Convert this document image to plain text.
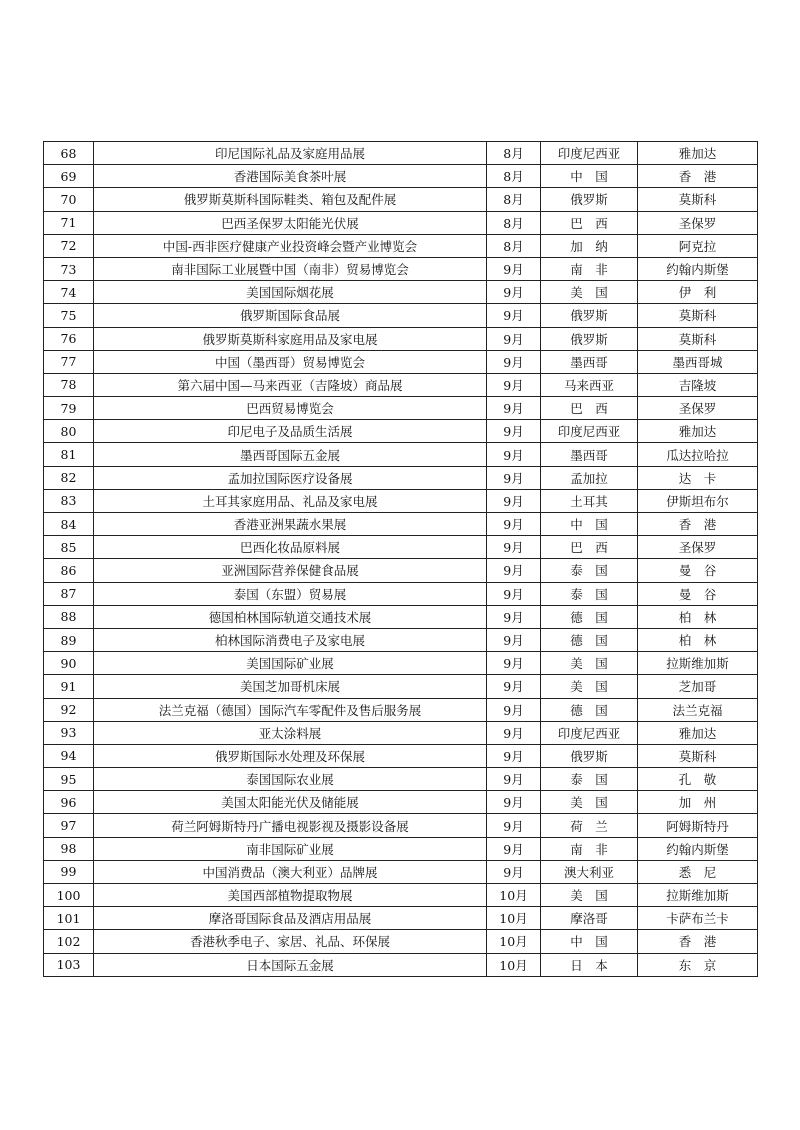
68	印尼国际礼品及家庭用品展	8月	印度尼西亚	雅加达
69	香港国际美食茶叶展	8月	中　国	香　港
70	俄罗斯莫斯科国际鞋类、箱包及配件展	8月	俄罗斯	莫斯科
71	巴西圣保罗太阳能光伏展	8月	巴　西	圣保罗
72	中国-西非医疗健康产业投资峰会暨产业博览会	8月	加　纳	阿克拉
73	南非国际工业展暨中国（南非）贸易博览会	9月	南　非	约翰内斯堡
74	美国国际烟花展	9月	美　国	伊　利
75	俄罗斯国际食品展	9月	俄罗斯	莫斯科
76	俄罗斯莫斯科家庭用品及家电展	9月	俄罗斯	莫斯科
77	中国（墨西哥）贸易博览会	9月	墨西哥	墨西哥城
78	第六届中国—马来西亚（吉隆坡）商品展	9月	马来西亚	吉隆坡
79	巴西贸易博览会	9月	巴　西	圣保罗
80	印尼电子及品质生活展	9月	印度尼西亚	雅加达
81	墨西哥国际五金展	9月	墨西哥	瓜达拉哈拉
82	孟加拉国际医疗设备展	9月	孟加拉	达　卡
83	土耳其家庭用品、礼品及家电展	9月	土耳其	伊斯坦布尔
84	香港亚洲果蔬水果展	9月	中　国	香　港
85	巴西化妆品原料展	9月	巴　西	圣保罗
86	亚洲国际营养保健食品展	9月	泰　国	曼　谷
87	泰国（东盟）贸易展	9月	泰　国	曼　谷
88	德国柏林国际轨道交通技术展	9月	德　国	柏　林
89	柏林国际消费电子及家电展	9月	德　国	柏　林
90	美国国际矿业展	9月	美　国	拉斯维加斯
91	美国芝加哥机床展	9月	美　国	芝加哥
92	法兰克福（德国）国际汽车零配件及售后服务展	9月	德　国	法兰克福
93	亚太涂料展	9月	印度尼西亚	雅加达
94	俄罗斯国际水处理及环保展	9月	俄罗斯	莫斯科
95	泰国国际农业展	9月	泰　国	孔　敬
96	美国太阳能光伏及储能展	9月	美　国	加　州
97	荷兰阿姆斯特丹广播电视影视及摄影设备展	9月	荷　兰	阿姆斯特丹
98	南非国际矿业展	9月	南　非	约翰内斯堡
99	中国消费品（澳大利亚）品牌展	9月	澳大利亚	悉　尼
100	美国西部植物提取物展	10月	美　国	拉斯维加斯
101	摩洛哥国际食品及酒店用品展	10月	摩洛哥	卡萨布兰卡
102	香港秋季电子、家居、礼品、环保展	10月	中　国	香　港
103	日本国际五金展	10月	日　本	东　京
